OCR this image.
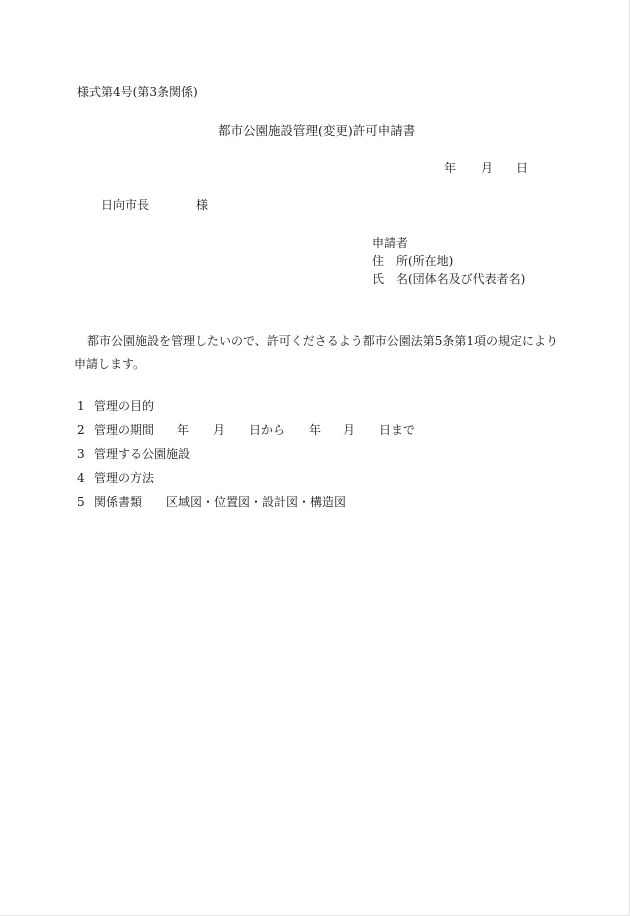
様式第4号(第3条関係)
都市公園施設管理(変更)許可申請書
年 月 日
日向市長	様
申請者
住　所(所在地)
氏　名(団体名及び代表者名)
都市公園施設を管理したいので、許可くださるよう都市公園法第5条第1項の規定により
申請します。
1 管理の目的
2 管理の期間 年 月 日から 年 月 日まで
3 管理する公園施設
4 管理の方法
5 関係書類 区域図・位置図・設計図・構造図
